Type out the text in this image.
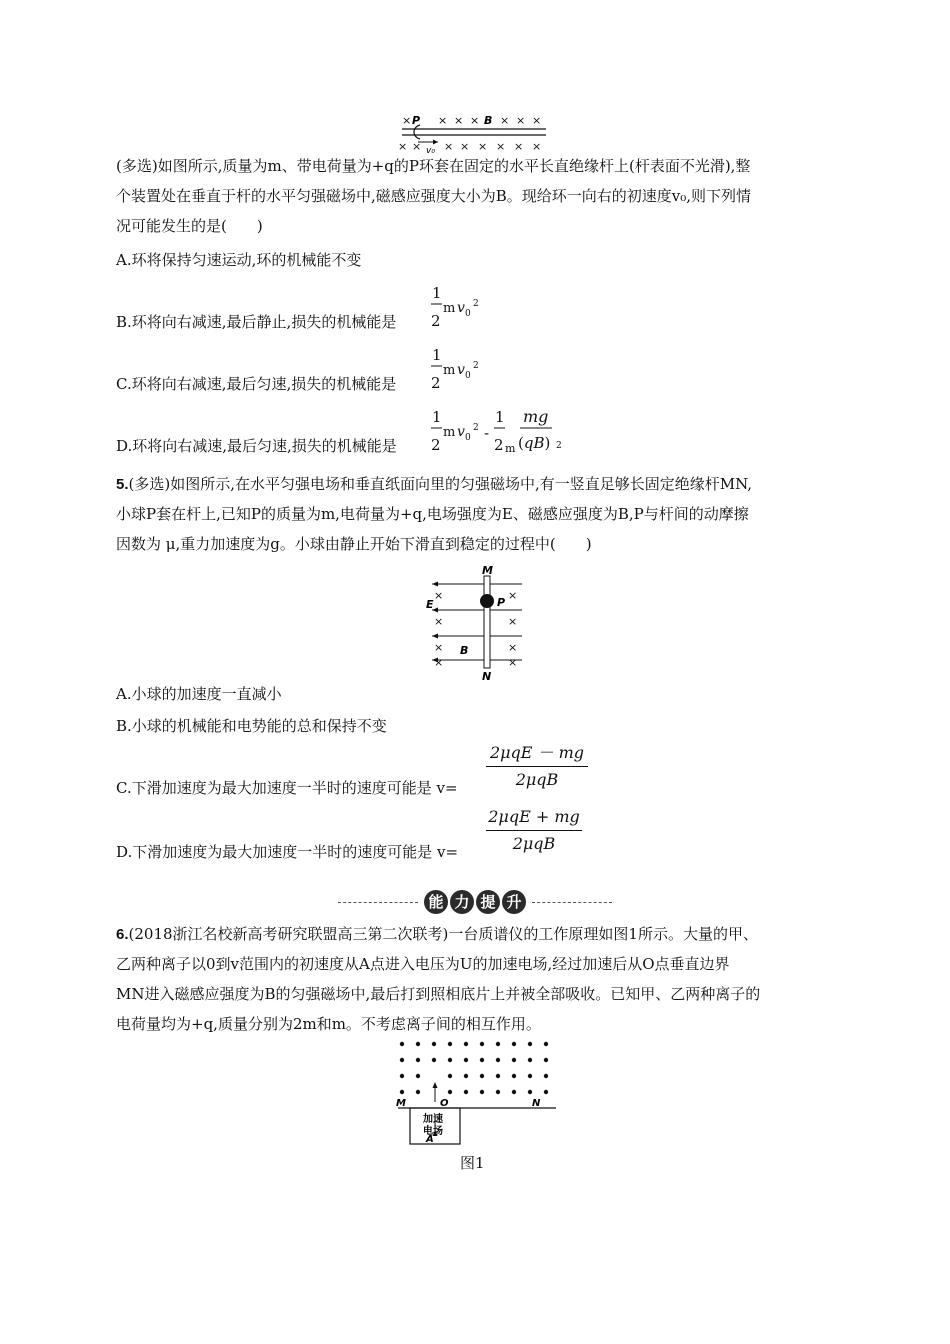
× × × × × × ×
× × × × × × × ×
P	B
v₀
(多选)如图所示,质量为m、带电荷量为+q的P环套在固定的水平长直绝缘杆上(杆表面不光滑),整
个装置处在垂直于杆的水平匀强磁场中,磁感应强度大小为B。现给环一向右的初速度v₀,则下列情
况可能发生的是(　　)
A.环将保持匀速运动,环的机械能不变
B.环将向右减速,最后静止,损失的机械能是
1
2
m v 0
2
C.环将向右减速,最后匀速,损失的机械能是
1
2
m v 0
2
D.环将向右减速,最后匀速,损失的机械能是
1
2
m v 0
2 -
1
2 m
mg
(qB) 2
5.(多选)如图所示,在水平匀强电场和垂直纸面向里的匀强磁场中,有一竖直足够长固定绝缘杆MN,
小球P套在杆上,已知P的质量为m,电荷量为+q,电场强度为E、磁感应强度为B,P与杆间的动摩擦
因数为 μ,重力加速度为g。小球由静止开始下滑直到稳定的过程中(　　)
×	×
×	×
×	×
×	×
M
P
E
B
N
A.小球的加速度一直减小
B.小球的机械能和电势能的总和保持不变
C.下滑加速度为最大加速度一半时的速度可能是 v=
2μqE － mg
2μqB
D.下滑加速度为最大加速度一半时的速度可能是 v=
2μqE + mg
2μqB
能 力 提 升
6.(2018浙江名校新高考研究联盟高三第二次联考)一台质谱仪的工作原理如图1所示。大量的甲、
乙两种离子以0到v范围内的初速度从A点进入电压为U的加速电场,经过加速后从O点垂直边界
MN进入磁感应强度为B的匀强磁场中,最后打到照相底片上并被全部吸收。已知甲、乙两种离子的
电荷量均为+q,质量分别为2m和m。不考虑离子间的相互作用。
M	O	N
加速
电场
A
图1
